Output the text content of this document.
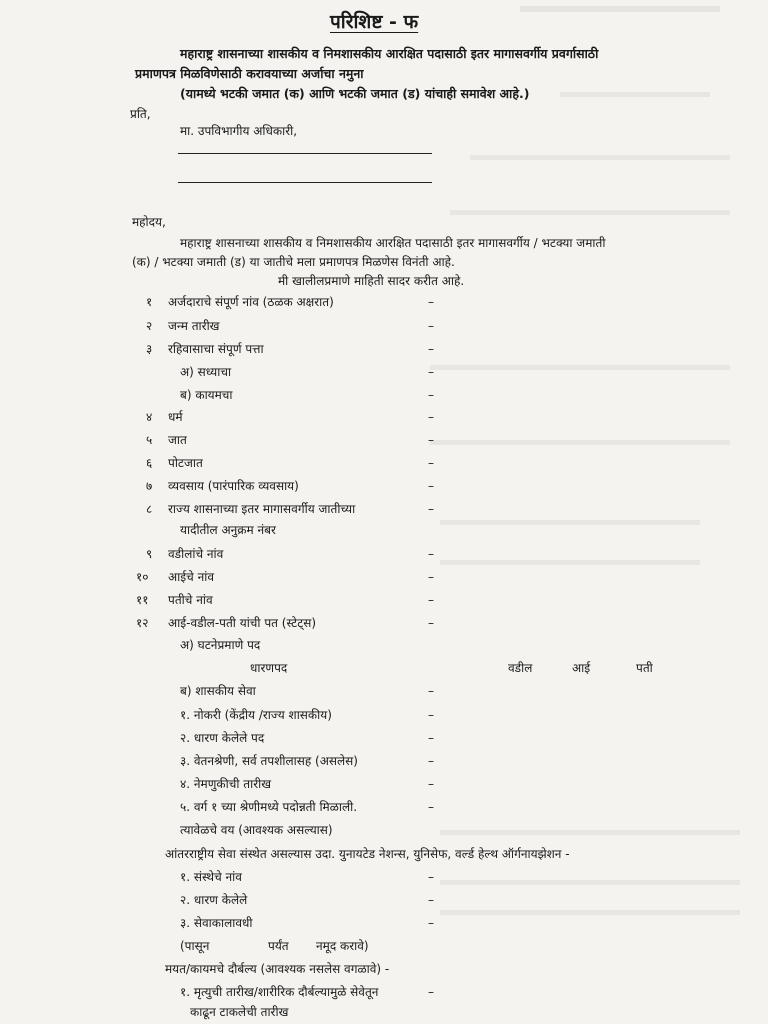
परिशिष्ट - फ
महाराष्ट्र शासनाच्या शासकीय व निमशासकीय आरक्षित पदासाठी इतर मागासवर्गीय प्रवर्गासाठी
प्रमाणपत्र मिळविणेसाठी करावयाच्या अर्जाचा नमुना
(यामध्ये भटकी जमात (क) आणि भटकी जमात (ड) यांचाही समावेश आहे.)
प्रति,
मा. उपविभागीय अधिकारी,
महोदय,
महाराष्ट्र शासनाच्या शासकीय व निमशासकीय आरक्षित पदासाठी इतर मागासवर्गीय / भटक्या जमाती
(क) / भटक्या जमाती (ड) या जातीचे मला प्रमाणपत्र मिळणेस विनंती आहे.
मी खालीलप्रमाणे माहिती सादर करीत आहे.
१ अर्जदाराचे संपूर्ण नांव (ठळक अक्षरात)	–
२ जन्म तारीख	–
३ रहिवासाचा संपूर्ण पत्ता	–
अ) सध्याचा	–
ब) कायमचा	–
४ धर्म	–
५ जात	–
६ पोटजात	–
७ व्यवसाय (पारंपारिक व्यवसाय)	–
८ राज्य शासनाच्या इतर मागासवर्गीय जातीच्या	–
यादीतील अनुक्रम नंबर
९ वडीलांचे नांव	–
१० आईचे नांव	–
११ पतीचे नांव	–
१२ आई-वडील-पती यांची पत (स्टेट्स)	–
अ) घटनेप्रमाणे पद
धारणपद	वडील	आई	पती
ब) शासकीय सेवा	–
१. नोकरी (केंद्रीय /राज्य शासकीय)	–
२. धारण केलेले पद	–
३. वेतनश्रेणी, सर्व तपशीलासह (असलेस)	–
४. नेमणुकीची तारीख	–
५. वर्ग १ च्या श्रेणीमध्ये पदोन्नती मिळाली.	–
त्यावेळचे वय (आवश्यक असल्यास)
आंतरराष्ट्रीय सेवा संस्थेत असल्यास उदा. युनायटेड नेशन्स, युनिसेफ, वर्ल्ड हेल्थ ऑर्गनायझेशन -
१. संस्थेचे नांव	–
२. धारण केलेले	–
३. सेवाकालावधी	–
(पासून	पर्यंत नमूद करावे)
मयत/कायमचे दौर्बल्य (आवश्यक नसलेस वगळावे) -
१. मृत्युची तारीख/शारीरिक दौर्बल्यामुळे सेवेतून	–
काढून टाकलेची तारीख
